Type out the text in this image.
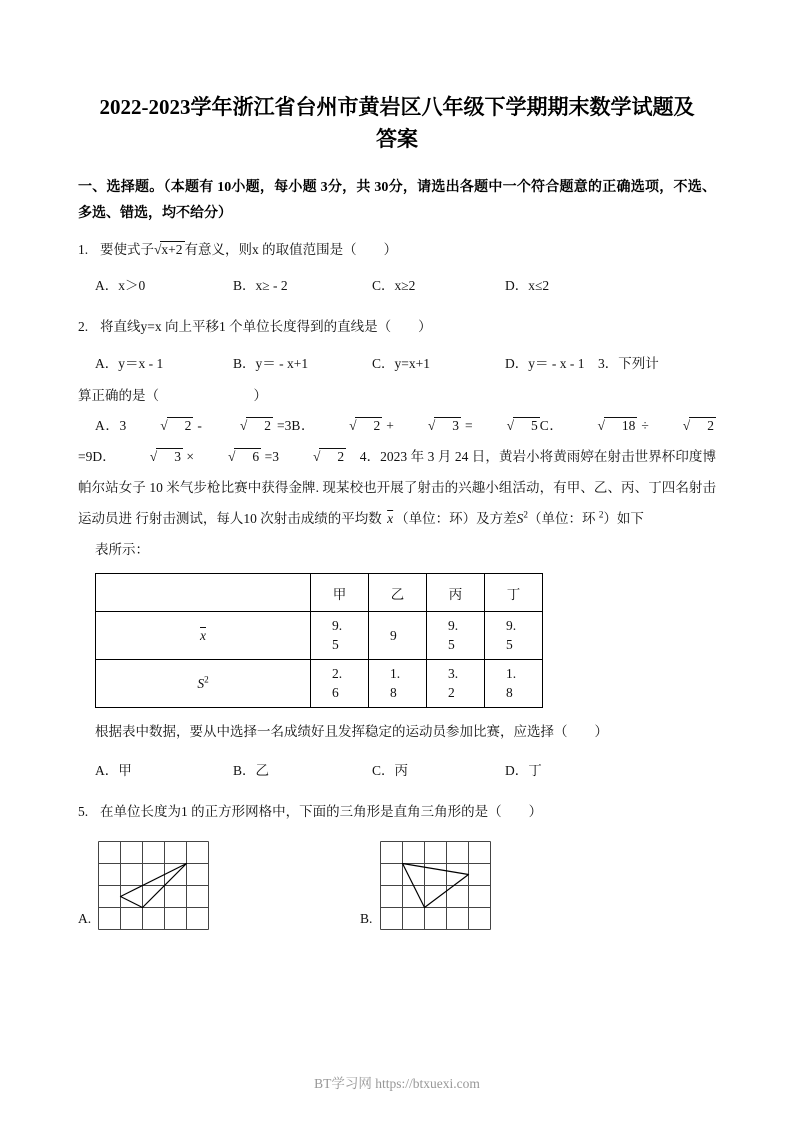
2022-2023学年浙江省台州市黄岩区八年级下学期期末数学试题及
答案
一、选择题。（本题有 10小题，每小题 3分，共 30分，请选出各题中一个符合题意的正确选项，不选、多选、错选，均不给分）
1. 要使式子√x+2 有意义，则x 的取值范围是（　　）
A．x＞0	B．x≥ - 2	C．x≥2	D．x≤2
2. 将直线y=x 向上平移1 个单位长度得到的直线是（　　）
A．y＝x - 1	B．y＝ - x+1	C．y=x+1	D．y＝ - x - 1　3．下列计
算正确的是（　　　　　　　）

A．3	√ 2 -	√ 2 =3B．	√ 2 +	√ 3 =	√ 5 C．	√ 18 ÷	√ 2 =9D．	√ 3 ×	√ 6 =3	√ 2　4．2023 年 3 月 24 日，黄岩小将黄雨婷在射击世界杯印度博帕尔站女子 10 米气步枪比赛中获得金牌. 现某校也开展了射击的兴趣小组活动，有甲、乙、丙、丁四名射击运动员进 行射击测试，每人10 次射击成绩的平均数 $\overline{x}$ （单位：环）及方差$S^2$（单位：环 $^2$）如下

表所示：
	甲	乙	丙	丁
$\overline{x}$	9.5	9	9.5	9.5
$S^2$	2.6	1.8	3.2	1.8
根据表中数据，要从中选择一名成绩好且发挥稳定的运动员参加比赛，应选择（　　）
A．甲	B．乙	C．丙	D．丁
5. 在单位长度为1 的正方形网格中，下面的三角形是直角三角形的是（　　）
A.	B.
BT学习网 https://btxuexi.com
